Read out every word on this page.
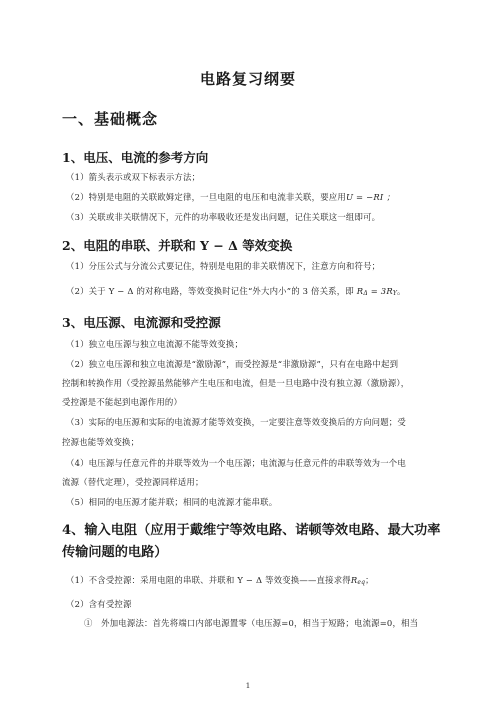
电路复习纲要
一、基础概念
1、电压、电流的参考方向
（1）箭头表示或双下标表示方法；
（2）特别是电阻的关联欧姆定律，一旦电阻的电压和电流非关联，要应用U = −RI ；
（3）关联或非关联情况下，元件的功率吸收还是发出问题，记住关联这一组即可。
2、电阻的串联、并联和 Y − Δ 等效变换
（1）分压公式与分流公式要记住，特别是电阻的非关联情况下，注意方向和符号；
（2）关于 Y − Δ 的对称电路，等效变换时记住“外大内小”的 3 倍关系，即 RΔ = 3RY。
3、电压源、电流源和受控源
（1）独立电压源与独立电流源不能等效变换；
（2）独立电压源和独立电流源是“激励源”，而受控源是“非激励源”，只有在电路中起到
控制和转换作用（受控源虽然能够产生电压和电流，但是一旦电路中没有独立源（激励源），
受控源是不能起到电源作用的）
（3）实际的电压源和实际的电流源才能等效变换，一定要注意等效变换后的方向问题；受
控源也能等效变换；
（4）电压源与任意元件的并联等效为一个电压源；电流源与任意元件的串联等效为一个电
流源（替代定理），受控源同样适用；
（5）相同的电压源才能并联；相同的电流源才能串联。
4、输入电阻（应用于戴维宁等效电路、诺顿等效电路、最大功率传输问题的电路）
（1）不含受控源：采用电阻的串联、并联和 Y − Δ 等效变换——直接求得Req；
（2）含有受控源
①　外加电源法：首先将端口内部电源置零（电压源=0，相当于短路；电流源=0，相当
1
